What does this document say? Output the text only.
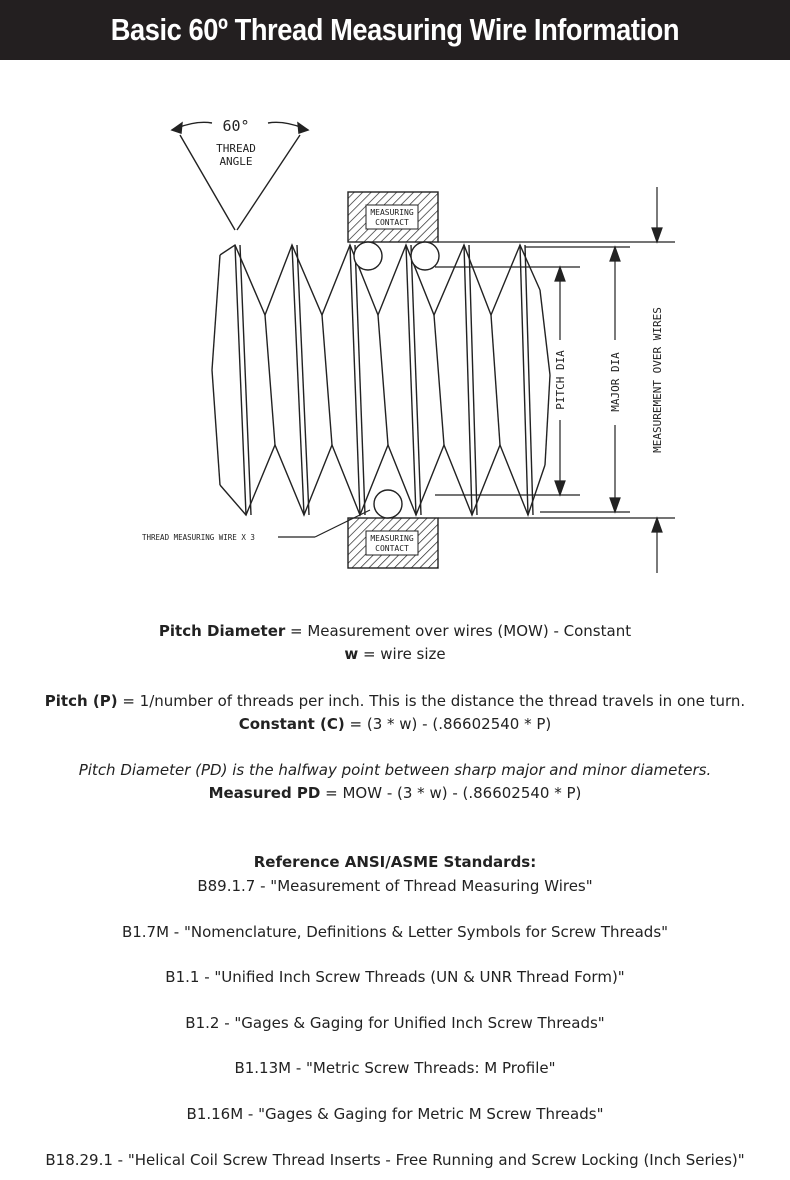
Basic 60º Thread Measuring Wire Information
60°
THREAD
ANGLE
MEASURING
CONTACT
MEASURING
CONTACT
PITCH DIA	MAJOR DIA	MEASUREMENT OVER WIRES
THREAD MEASURING WIRE X 3

Pitch Diameter = Measurement over wires (MOW) - Constant

w = wire size

Pitch (P) = 1/number of threads per inch. This is the distance the thread travels in one turn.

Constant (C) = (3 * w) - (.86602540 * P)

Pitch Diameter (PD) is the halfway point between sharp major and minor diameters.

Measured PD = MOW - (3 * w) - (.86602540 * P)

Reference ANSI/ASME Standards:
B89.1.7 - "Measurement of Thread Measuring Wires"
B1.7M - "Nomenclature, Definitions & Letter Symbols for Screw Threads"
B1.1 - "Unified Inch Screw Threads (UN & UNR Thread Form)"
B1.2 - "Gages & Gaging for Unified Inch Screw Threads"
B1.13M - "Metric Screw Threads: M Profile"
B1.16M - "Gages & Gaging for Metric M Screw Threads"
B18.29.1 - "Helical Coil Screw Thread Inserts - Free Running and Screw Locking (Inch Series)"
